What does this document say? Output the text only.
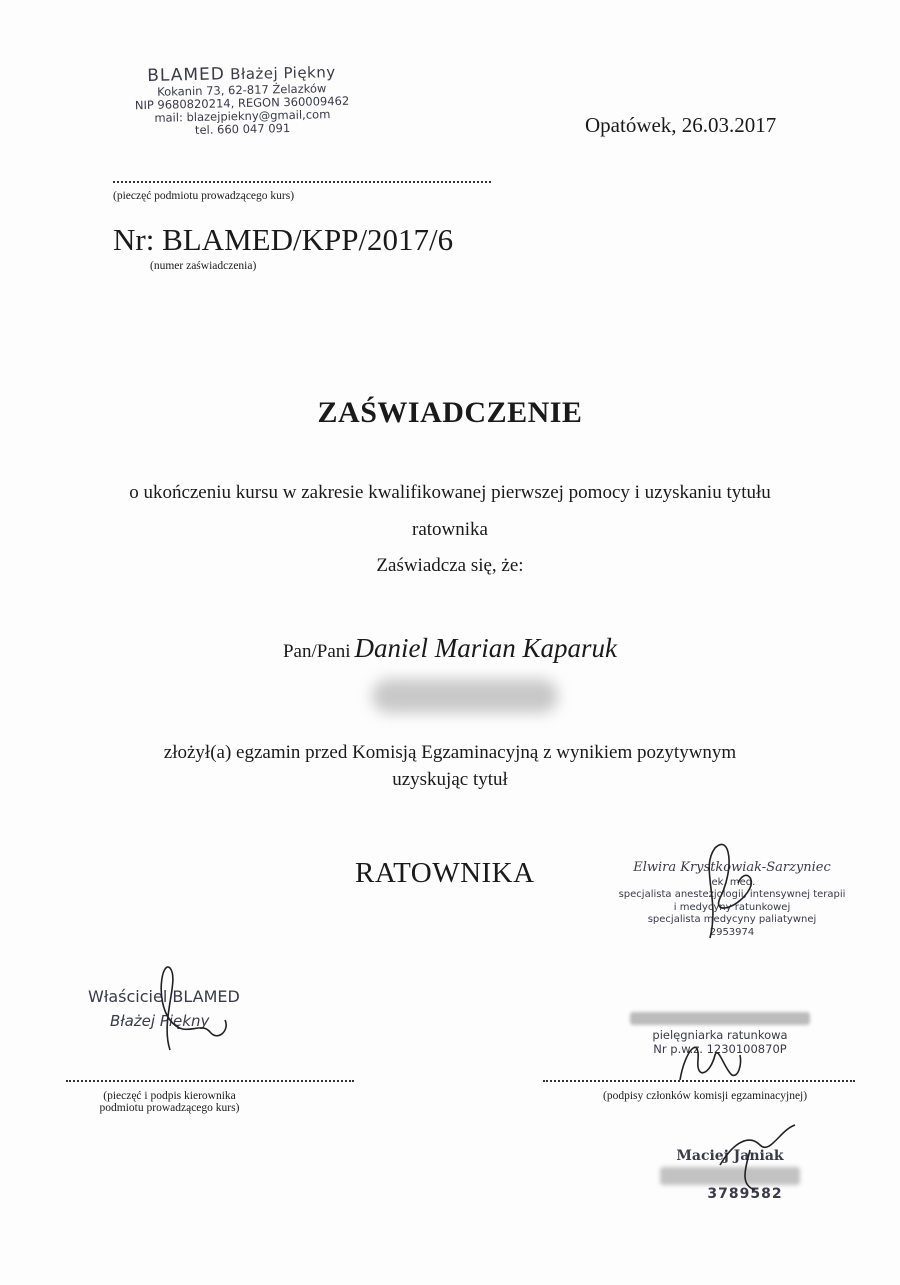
BLAMED Błażej Piękny
Kokanin 73, 62-817 Żelazków
NIP 9680820214, REGON 360009462
mail: blazejpiekny@gmail,com
tel. 660 047 091
(pieczęć podmiotu prowadzącego kurs)
Opatówek, 26.03.2017
Nr: BLAMED/KPP/2017/6
(numer zaświadczenia)
ZAŚWIADCZENIE
o ukończeniu kursu w zakresie kwalifikowanej pierwszej pomocy i uzyskaniu tytułu
ratownika
Zaświadcza się, że:
Pan/Pani Daniel Marian Kaparuk
złożył(a) egzamin przed Komisją Egzaminacyjną z wynikiem pozytywnym
uzyskując tytuł
RATOWNIKA	Elwira Krystkowiak-Sarzyniec
lek. med.
specjalista anestezjologii, intensywnej terapii
i medycyny ratunkowej
specjalista medycyny paliatywnej
2953974
Właściciel BLAMED
Błażej Piękny
(pieczęć i podpis kierownika
podmiotu prowadzącego kurs)
pielęgniarka ratunkowa
Nr p.w.z. 1230100870P
(podpisy członków komisji egzaminacyjnej)
Maciej Janiak
3789582
